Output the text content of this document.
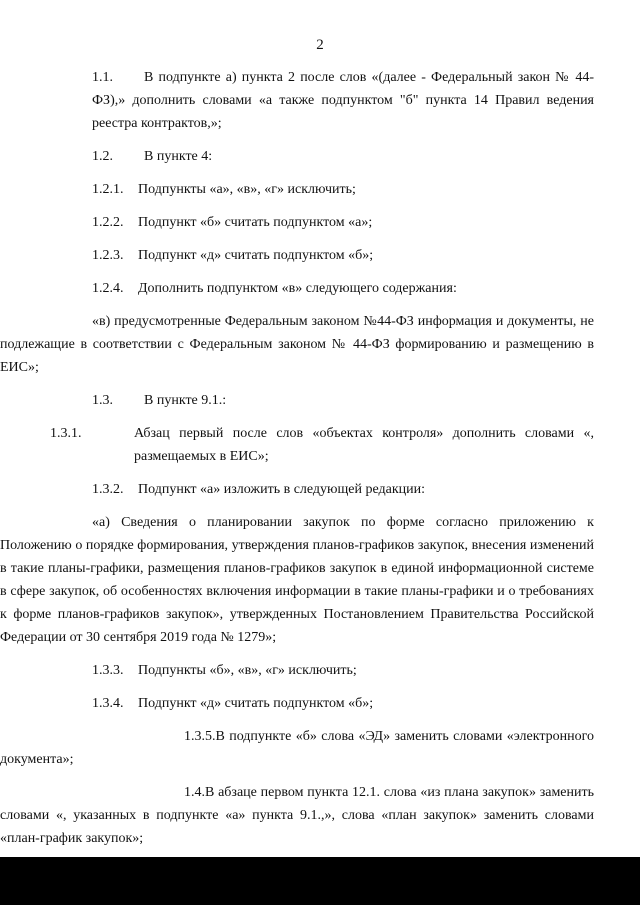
2

1.1. В подпункте а) пункта 2 после слов «(далее - Федеральный закон № 44-ФЗ),» дополнить словами «а также подпунктом "б" пункта 14 Правил ведения реестра контрактов,»;

1.2. В пункте 4:

1.2.1. Подпункты «а», «в», «г» исключить;

1.2.2. Подпункт «б» считать подпунктом «а»;

1.2.3. Подпункт «д» считать подпунктом «б»;

1.2.4. Дополнить подпунктом «в» следующего содержания:

«в) предусмотренные Федеральным законом №44-ФЗ информация и документы, не подлежащие в соответствии с Федеральным законом № 44-ФЗ формированию и размещению в ЕИС»;

1.3. В пункте 9.1.:

1.3.1.	Абзац первый после слов «объектах контроля» дополнить словами «, размещаемых в ЕИС»;

1.3.2. Подпункт «а» изложить в следующей редакции:

«а) Сведения о планировании закупок по форме согласно приложению к Положению о порядке формирования, утверждения планов-графиков закупок, внесения изменений в такие планы-графики, размещения планов-графиков закупок в единой информационной системе в сфере закупок, об особенностях включения информации в такие планы-графики и о требованиях к форме планов-графиков закупок», утвержденных Постановлением Правительства Российской Федерации от 30 сентября 2019 года № 1279»;

1.3.3. Подпункты «б», «в», «г» исключить;

1.3.4. Подпункт «д» считать подпунктом «б»;

1.3.5.В подпункте «б» слова «ЭД» заменить словами «электронного документа»;

1.4.В абзаце первом пункта 12.1. слова «из плана закупок» заменить словами «, указанных в подпункте «а» пункта 9.1.,», слова «план закупок» заменить словами «план-график закупок»;
